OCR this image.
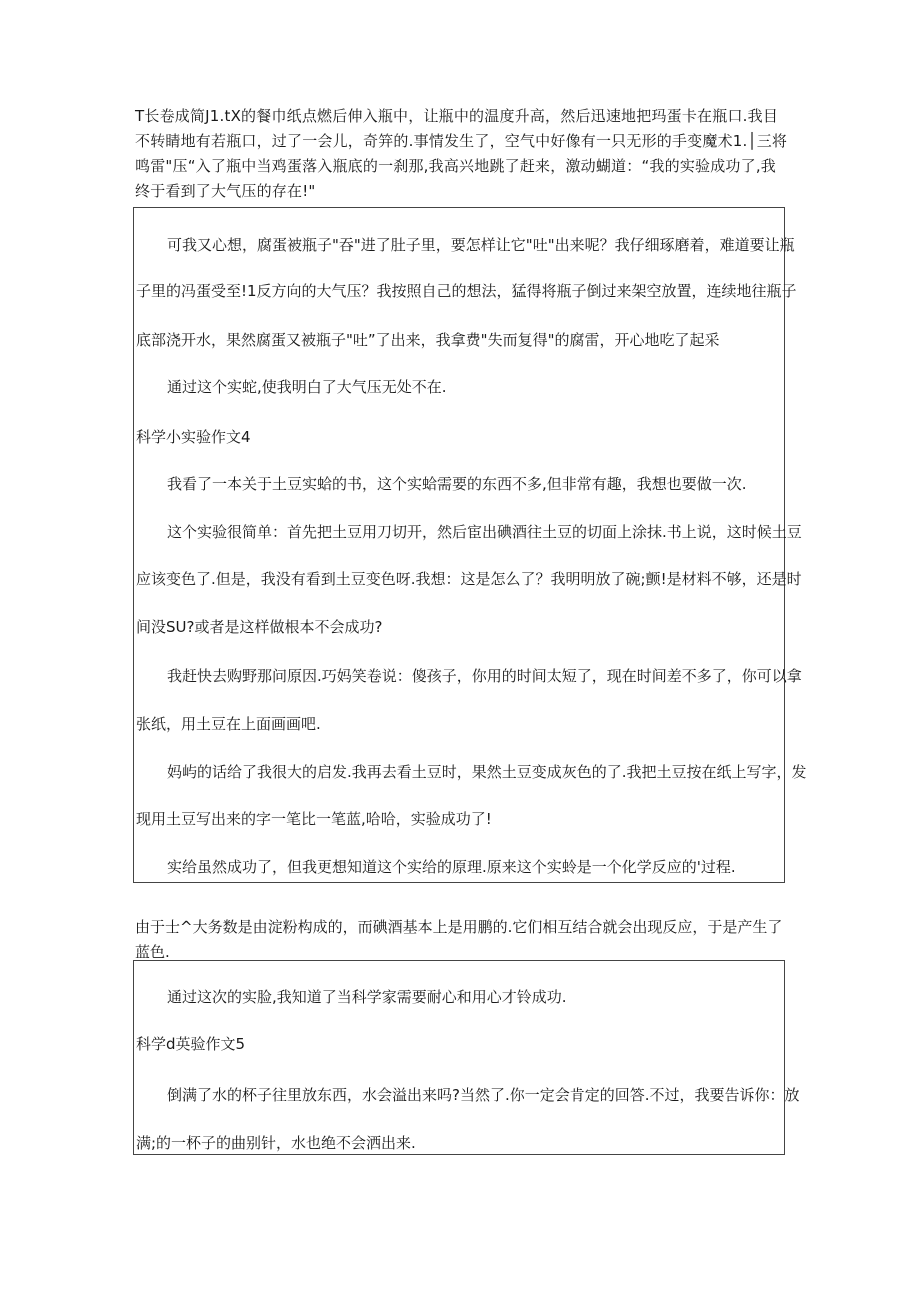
T长卷成简J1.tX的餐巾纸点燃后伸入瓶中，让瓶中的温度升高，然后迅速地把玛蛋卡在瓶口.我目不转睛地有若瓶口，过了一会儿，奇笄的.事情发生了，空气中好像有一只无形的手变魔术1.│三将鸣雷"压“入了瓶中当鸡蛋落入瓶底的一刹那,我高兴地跳了赶来，激动蝴道：“我的实验成功了,我终于看到了大气压的存在!"

可我又心想，腐蛋被瓶子"吞"进了肚子里，要怎样让它"吐"出来呢？我仔细琢磨着，难道要让瓶

子里的冯蛋受至!1反方向的大气压？我按照自己的想法，猛得将瓶子倒过来架空放置，连续地往瓶子

底部浇开水，果然腐蛋又被瓶子"吐”了出来，我拿费"失而复得"的腐雷，开心地吃了起采

通过这个实蛇,使我明白了大气压无处不在.

科学小实验作文4

我看了一本关于土豆实蛤的书，这个实蛤需要的东西不多,但非常有趣，我想也要做一次.

这个实验很简单：首先把土豆用刀切开，然后宦出碘酒往土豆的切面上涂抹.书上说，这时候土豆

应该变色了.但是，我没有看到土豆变色呀.我想：这是怎么了？我明明放了碗;颤!是材料不够，还是时

间没SU?或者是这样做根本不会成功?

我赶快去购野那问原因.巧妈笑卷说：傻孩子，你用的时间太短了，现在时间差不多了，你可以拿

张纸，用土豆在上面画画吧.

妈屿的话给了我很大的启发.我再去看土豆时，果然土豆变成灰色的了.我把土豆按在纸上写字，发

现用土豆写出来的字一笔比一笔蓝,哈哈，实验成功了!

实给虽然成功了，但我更想知道这个实给的原理.原来这个实蛉是一个化学反应的'过程.

由于士^大务数是由淀粉构成的，而碘酒基本上是用鹏的.它们相互结合就会出现反应，于是产生了蓝色.

通过这次的实脸,我知道了当科学家需要耐心和用心才铃成功.

科学d英验作文5

倒满了水的杯子往里放东西，水会溢出来吗?当然了.你一定会肯定的回答.不过，我要告诉你：放

满;的一杯子的曲别针，水也绝不会洒出来.
